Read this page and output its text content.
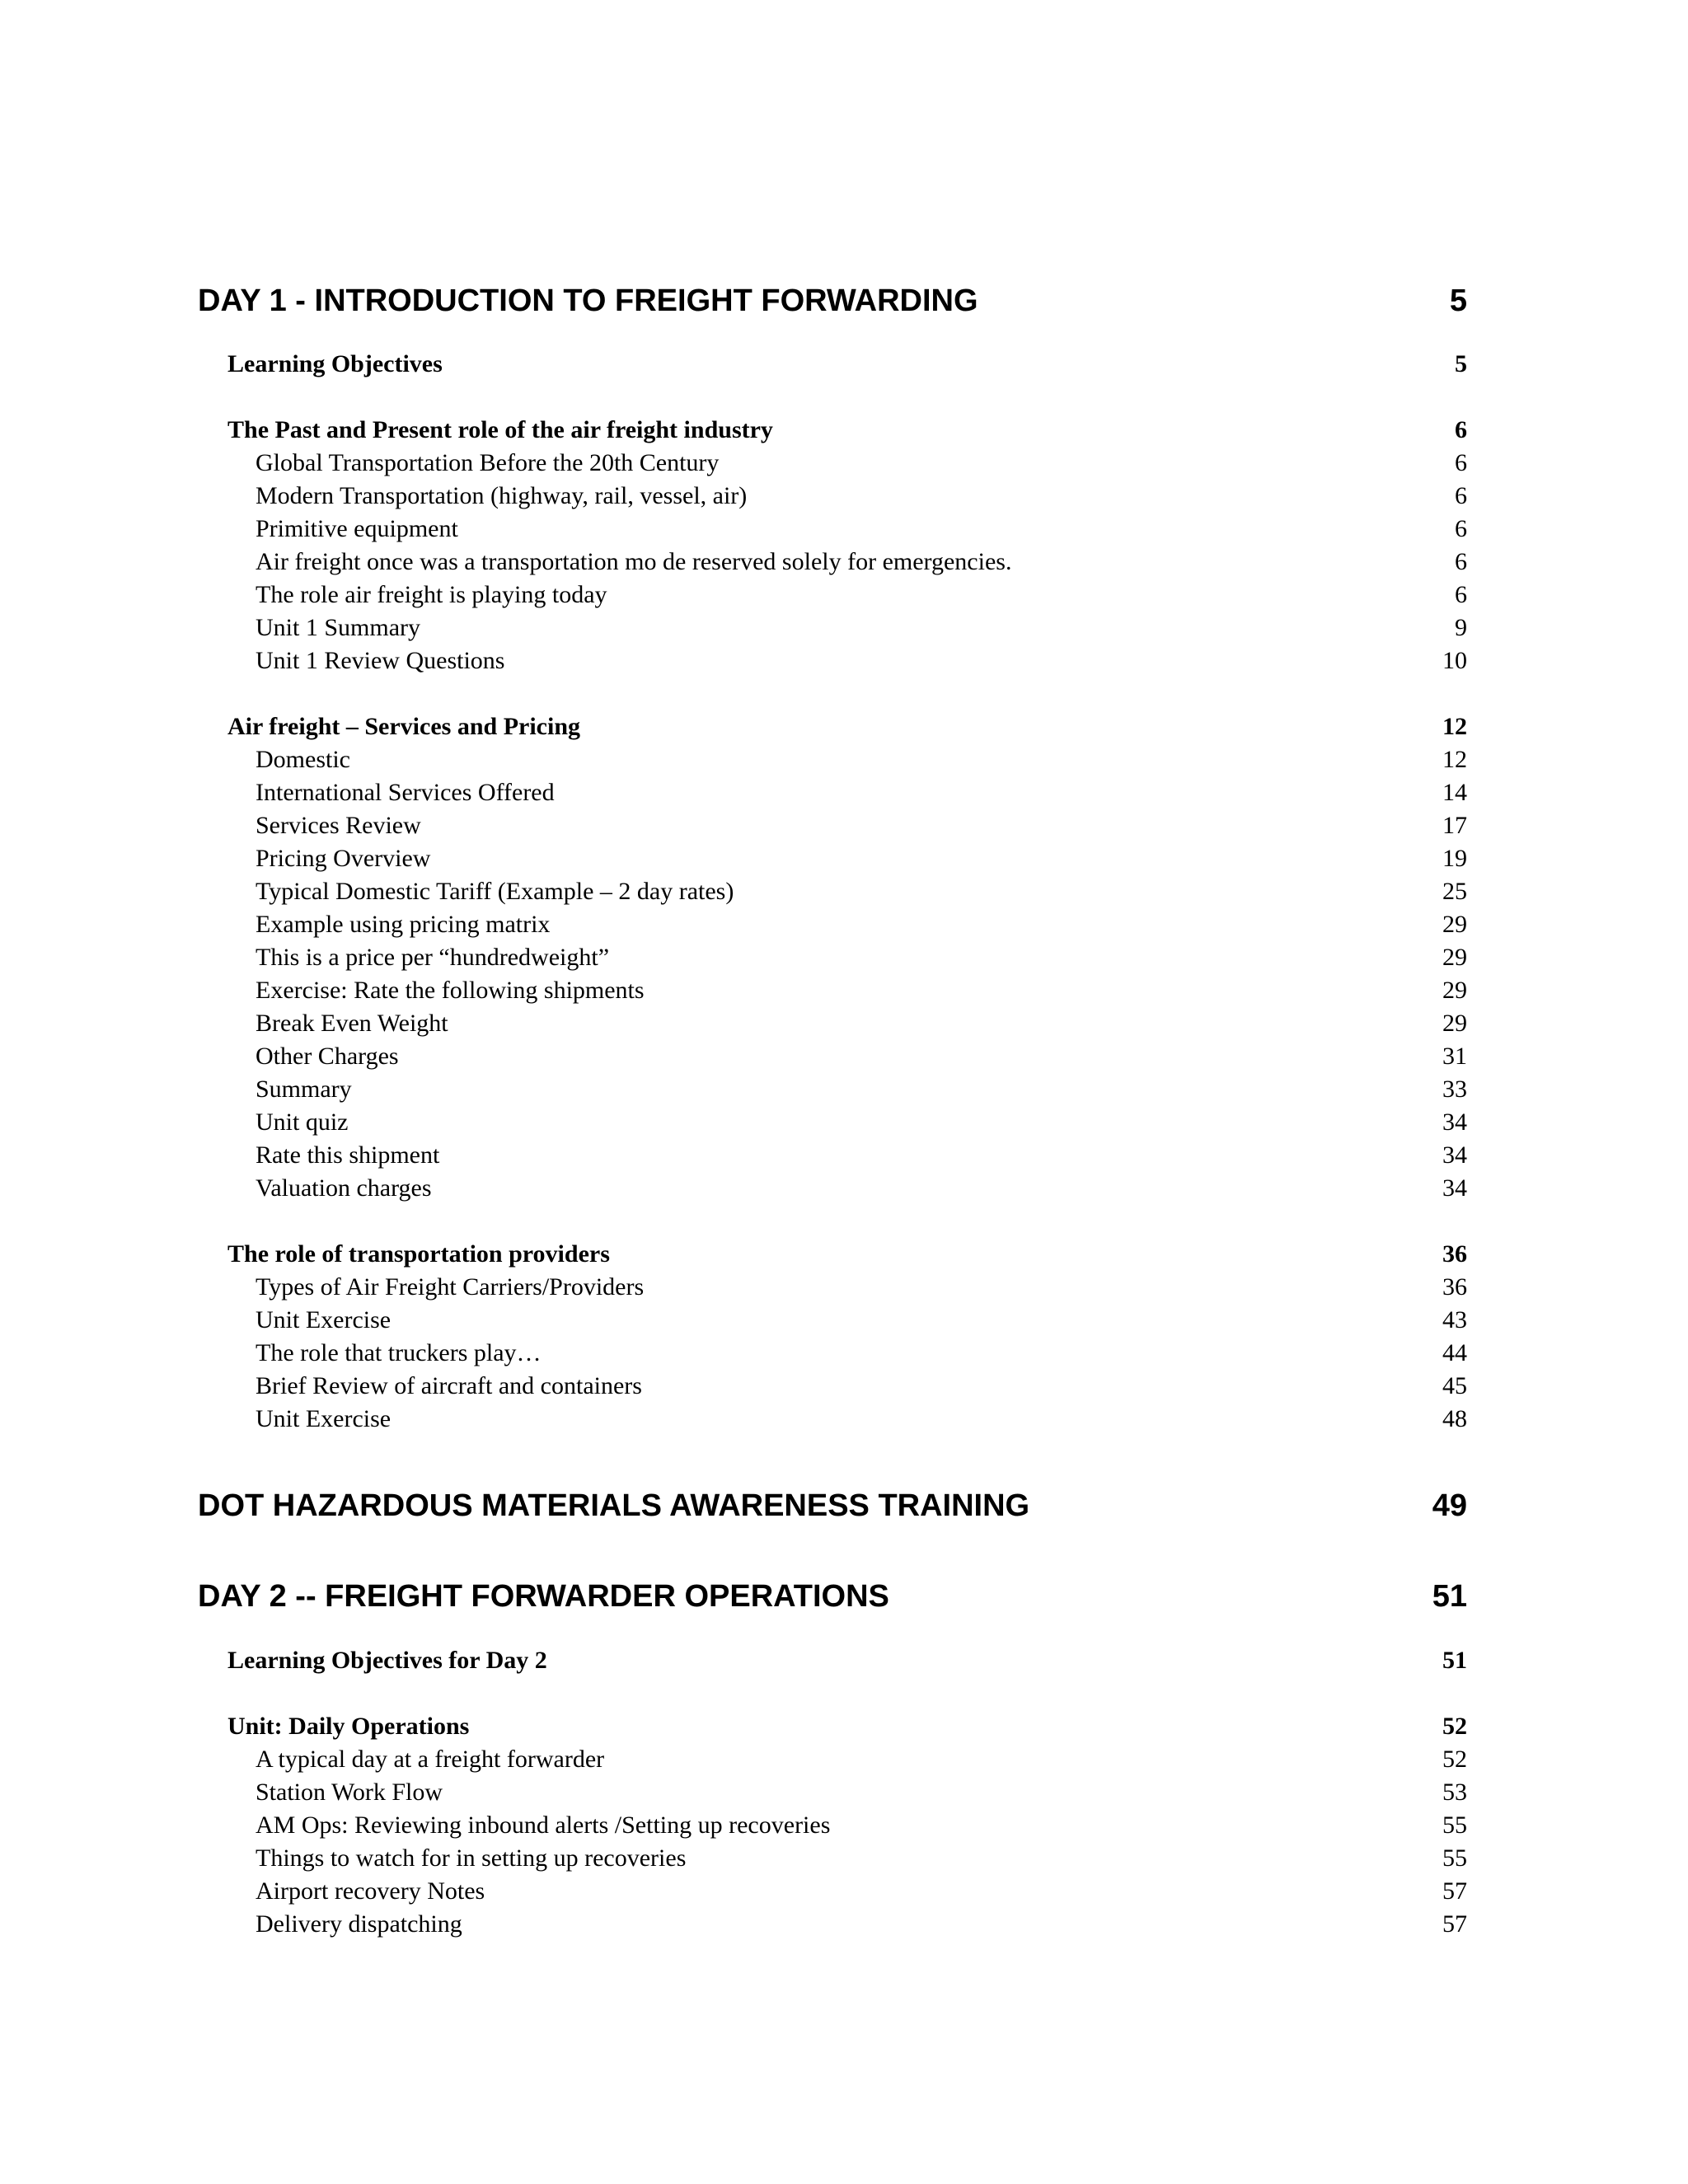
DAY 1 - INTRODUCTION TO FREIGHT FORWARDING	5
Learning Objectives	5
The Past and Present role of the air freight industry	6
Global Transportation Before the 20th Century	6
Modern Transportation (highway, rail, vessel, air)	6
Primitive equipment	6
Air freight once was a transportation mo de reserved solely for emergencies.	6
The role air freight is playing today	6
Unit 1 Summary	9
Unit 1 Review Questions	10
Air freight – Services and Pricing	12
Domestic	12
International Services Offered	14
Services Review	17
Pricing Overview	19
Typical Domestic Tariff (Example – 2 day rates)	25
Example using pricing matrix	29
This is a price per “hundredweight”	29
Exercise: Rate the following shipments	29
Break Even Weight	29
Other Charges	31
Summary	33
Unit quiz	34
Rate this shipment	34
Valuation charges	34
The role of transportation providers	36
Types of Air Freight Carriers/Providers	36
Unit Exercise	43
The role that truckers play…	44
Brief Review of aircraft and containers	45
Unit Exercise	48
DOT HAZARDOUS MATERIALS AWARENESS TRAINING	49
DAY 2 -- FREIGHT FORWARDER OPERATIONS	51
Learning Objectives for Day 2	51
Unit: Daily Operations	52
A typical day at a freight forwarder	52
Station Work Flow	53
AM Ops: Reviewing inbound alerts /Setting up recoveries	55
Things to watch for in setting up recoveries	55
Airport recovery Notes	57
Delivery dispatching	57
